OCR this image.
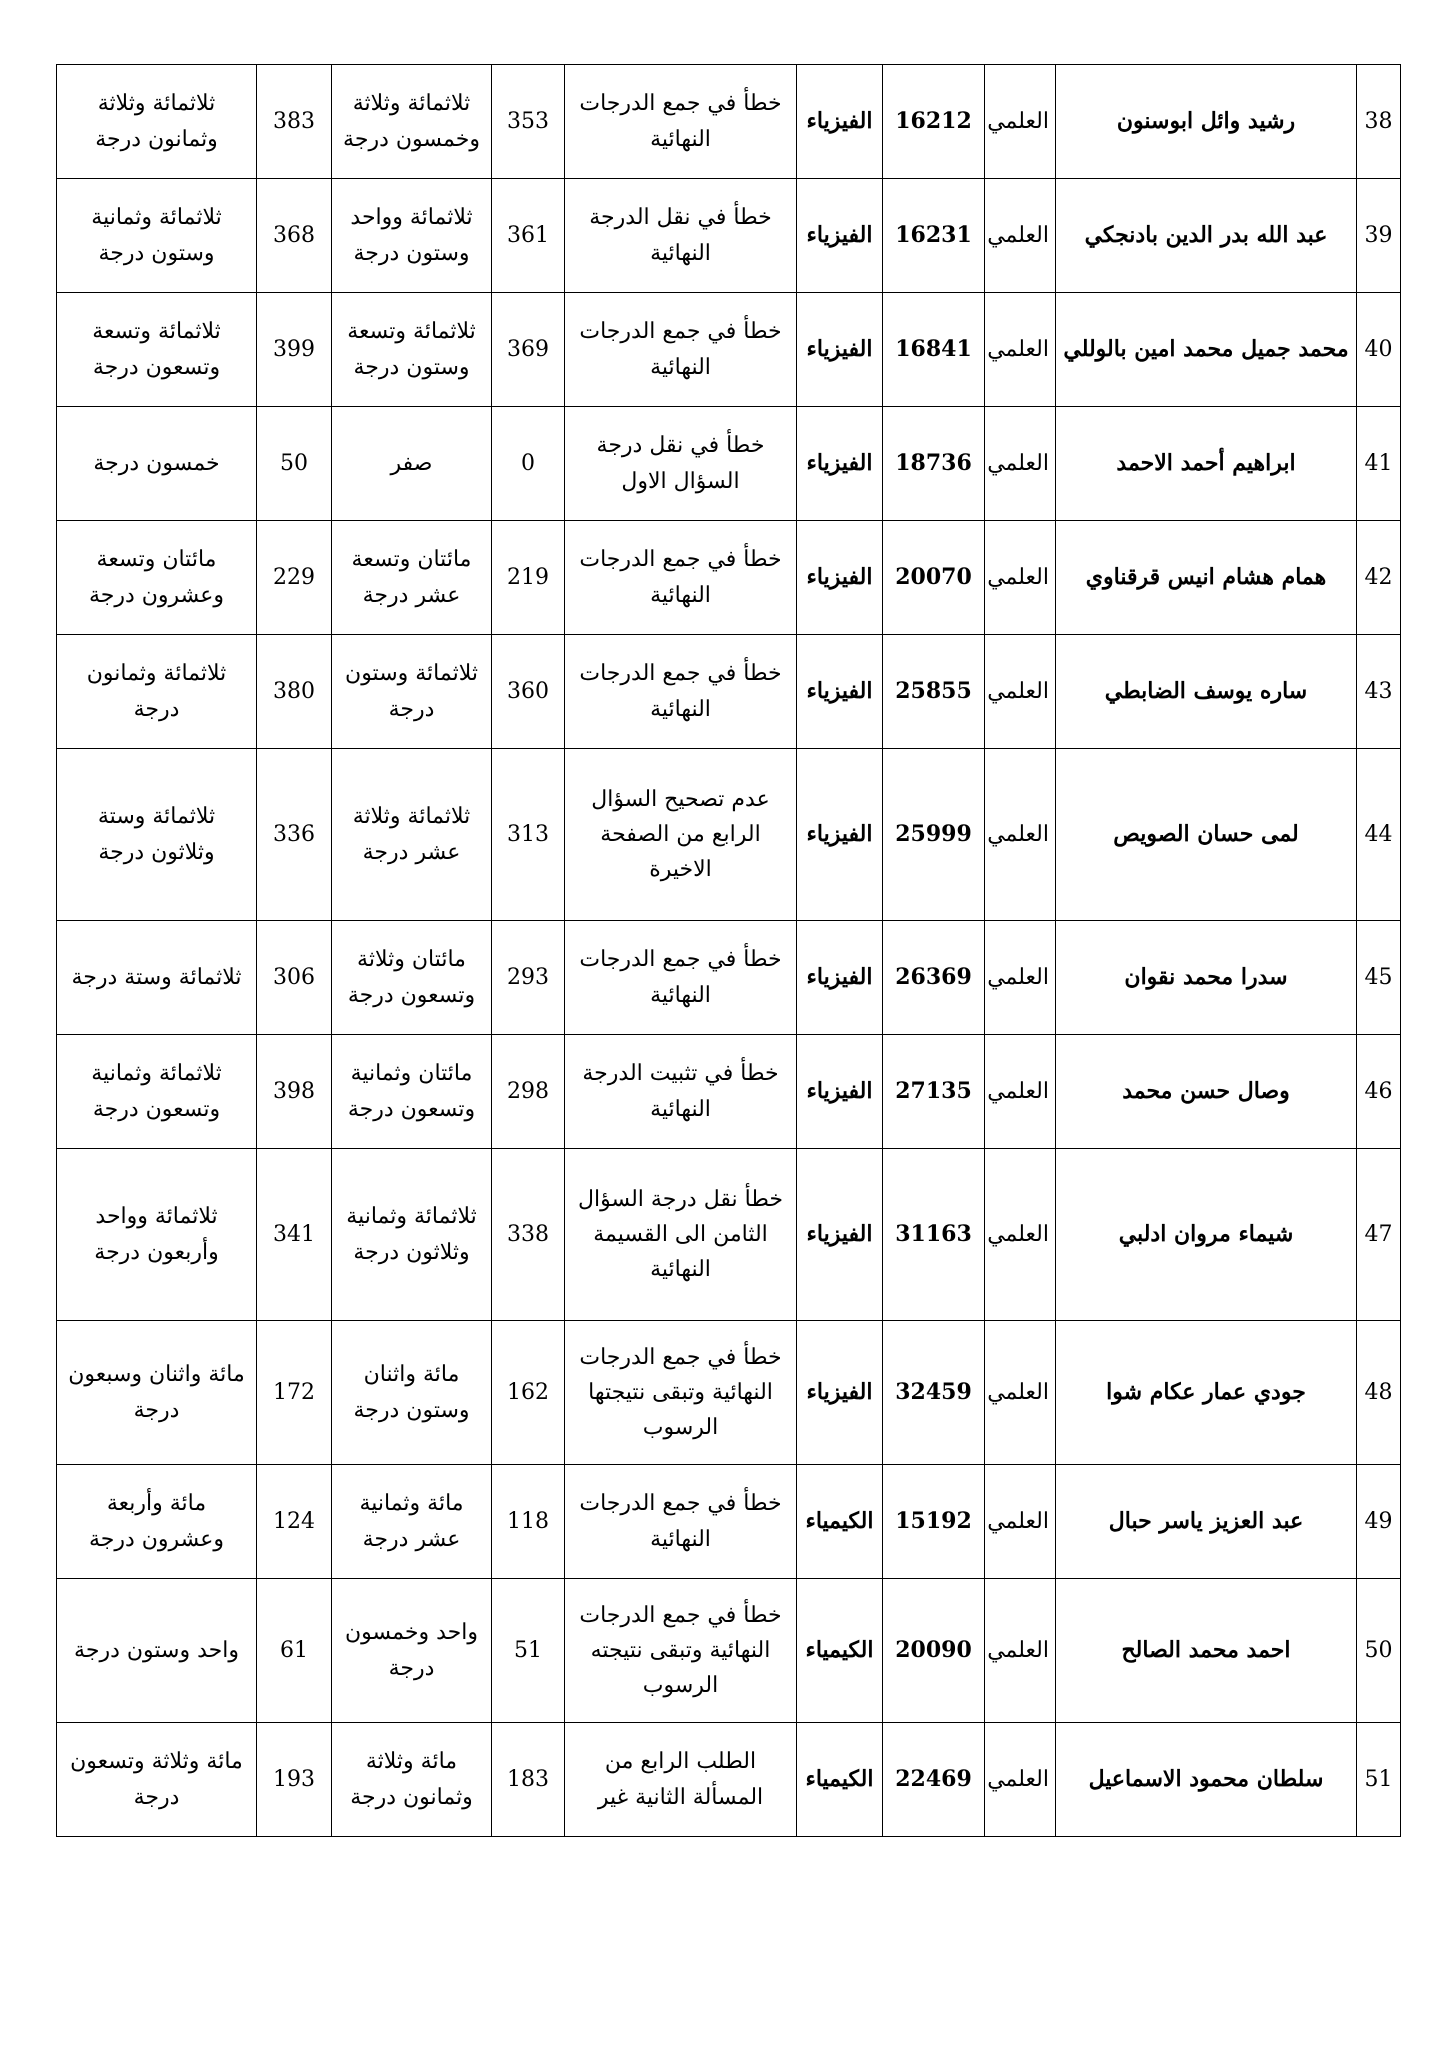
38	رشيد وائل ابوسنون	العلمي	16212	الفيزياء	خطأ في جمع الدرجات النهائية	353	ثلاثمائة وثلاثة وخمسون درجة	383	ثلاثمائة وثلاثة وثمانون درجة
39	عبد الله بدر الدين بادنجكي	العلمي	16231	الفيزياء	خطأ في نقل الدرجة النهائية	361	ثلاثمائة وواحد وستون درجة	368	ثلاثمائة وثمانية وستون درجة
40	محمد جميل محمد امين بالوللي	العلمي	16841	الفيزياء	خطأ في جمع الدرجات النهائية	369	ثلاثمائة وتسعة وستون درجة	399	ثلاثمائة وتسعة وتسعون درجة
41	ابراهيم أحمد الاحمد	العلمي	18736	الفيزياء	خطأ في نقل درجة السؤال الاول	0	صفر	50	خمسون درجة
42	همام هشام انيس قرقناوي	العلمي	20070	الفيزياء	خطأ في جمع الدرجات النهائية	219	مائتان وتسعة عشر درجة	229	مائتان وتسعة وعشرون درجة
43	ساره يوسف الضابطي	العلمي	25855	الفيزياء	خطأ في جمع الدرجات النهائية	360	ثلاثمائة وستون درجة	380	ثلاثمائة وثمانون درجة
44	لمى حسان الصويص	العلمي	25999	الفيزياء	عدم تصحيح السؤال الرابع من الصفحة الاخيرة	313	ثلاثمائة وثلاثة عشر درجة	336	ثلاثمائة وستة وثلاثون درجة
45	سدرا محمد نقوان	العلمي	26369	الفيزياء	خطأ في جمع الدرجات النهائية	293	مائتان وثلاثة وتسعون درجة	306	ثلاثمائة وستة درجة
46	وصال حسن محمد	العلمي	27135	الفيزياء	خطأ في تثبيت الدرجة النهائية	298	مائتان وثمانية وتسعون درجة	398	ثلاثمائة وثمانية وتسعون درجة
47	شيماء مروان ادلبي	العلمي	31163	الفيزياء	خطأ نقل درجة السؤال الثامن الى القسيمة النهائية	338	ثلاثمائة وثمانية وثلاثون درجة	341	ثلاثمائة وواحد وأربعون درجة
48	جودي عمار عكام شوا	العلمي	32459	الفيزياء	خطأ في جمع الدرجات النهائية وتبقى نتيجتها الرسوب	162	مائة واثنان وستون درجة	172	مائة واثنان وسبعون درجة
49	عبد العزيز ياسر حبال	العلمي	15192	الكيمياء	خطأ في جمع الدرجات النهائية	118	مائة وثمانية عشر درجة	124	مائة وأربعة وعشرون درجة
50	احمد محمد الصالح	العلمي	20090	الكيمياء	خطأ في جمع الدرجات النهائية وتبقى نتيجته الرسوب	51	واحد وخمسون درجة	61	واحد وستون درجة
51	سلطان محمود الاسماعيل	العلمي	22469	الكيمياء	الطلب الرابع من المسألة الثانية غير	183	مائة وثلاثة وثمانون درجة	193	مائة وثلاثة وتسعون درجة
